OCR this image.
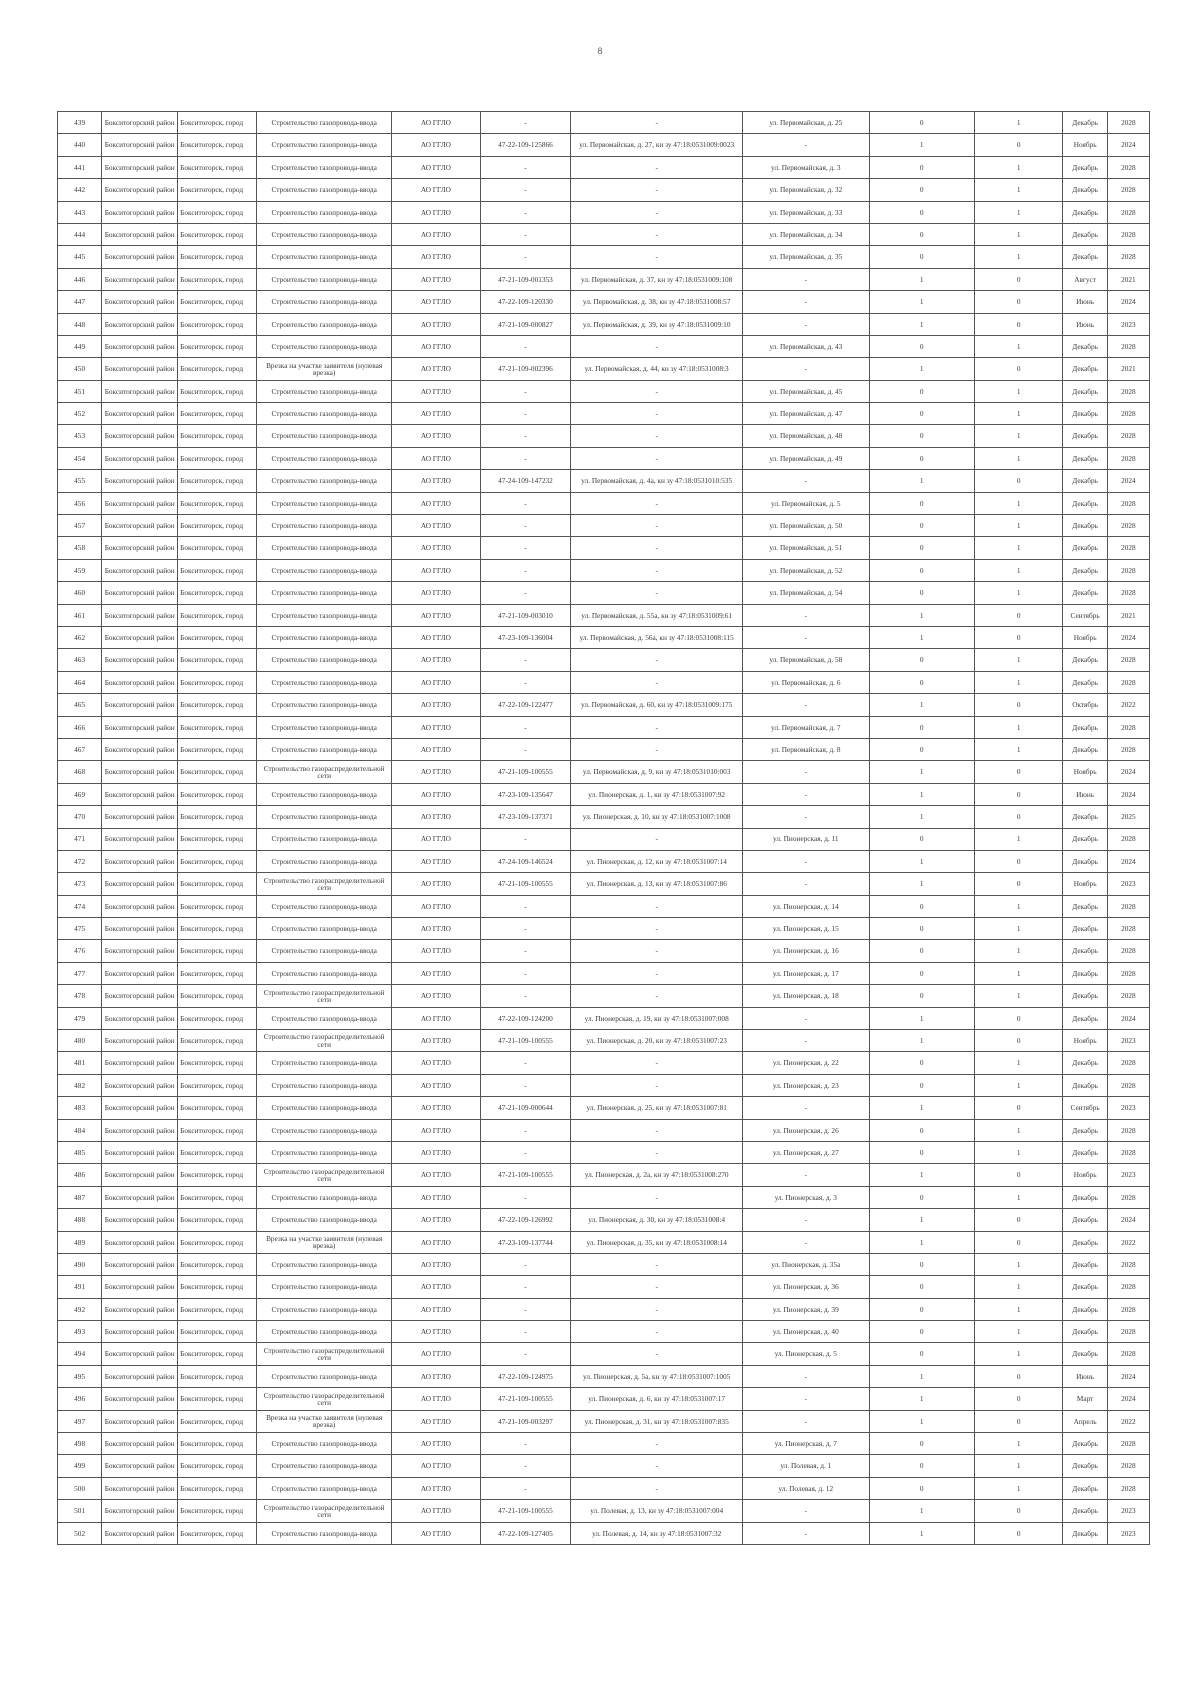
8
439	Бокситогорский район	Бокситогорск, город	Строительство газопровода-ввода	АО ГГЛО	-	-	ул. Первомайская, д. 25	0	1	Декабрь	2028
440	Бокситогорский район	Бокситогорск, город	Строительство газопровода-ввода	АО ГГЛО	47-22-109-125866	ул. Первомайская, д. 27, кн зу 47:18:0531009:0023	-	1	0	Ноябрь	2024
441	Бокситогорский район	Бокситогорск, город	Строительство газопровода-ввода	АО ГГЛО	-	-	ул. Первомайская, д. 3	0	1	Декабрь	2028
442	Бокситогорский район	Бокситогорск, город	Строительство газопровода-ввода	АО ГГЛО	-	-	ул. Первомайская, д. 32	0	1	Декабрь	2028
443	Бокситогорский район	Бокситогорск, город	Строительство газопровода-ввода	АО ГГЛО	-	-	ул. Первомайская, д. 33	0	1	Декабрь	2028
444	Бокситогорский район	Бокситогорск, город	Строительство газопровода-ввода	АО ГГЛО	-	-	ул. Первомайская, д. 34	0	1	Декабрь	2028
445	Бокситогорский район	Бокситогорск, город	Строительство газопровода-ввода	АО ГГЛО	-	-	ул. Первомайская, д. 35	0	1	Декабрь	2028
446	Бокситогорский район	Бокситогорск, город	Строительство газопровода-ввода	АО ГГЛО	47-21-109-001353	ул. Первомайская, д. 37, кн зу 47:18:0531009:108	-	1	0	Август	2021
447	Бокситогорский район	Бокситогорск, город	Строительство газопровода-ввода	АО ГГЛО	47-22-109-120330	ул. Первомайская, д. 38, кн зу 47:18:0531008:57	-	1	0	Июнь	2024
448	Бокситогорский район	Бокситогорск, город	Строительство газопровода-ввода	АО ГГЛО	47-21-109-000827	ул. Первомайская, д. 39, кн зу 47:18:0531009:10	-	1	0	Июнь	2023
449	Бокситогорский район	Бокситогорск, город	Строительство газопровода-ввода	АО ГГЛО	-	-	ул. Первомайская, д. 43	0	1	Декабрь	2028
450	Бокситогорский район	Бокситогорск, город	Врезка на участке заявителя (нулевая врезка)	АО ГГЛО	47-21-109-002396	ул. Первомайская, д. 44, кн зу 47:18:0531008:3	-	1	0	Декабрь	2021
451	Бокситогорский район	Бокситогорск, город	Строительство газопровода-ввода	АО ГГЛО	-	-	ул. Первомайская, д. 45	0	1	Декабрь	2028
452	Бокситогорский район	Бокситогорск, город	Строительство газопровода-ввода	АО ГГЛО	-	-	ул. Первомайская, д. 47	0	1	Декабрь	2028
453	Бокситогорский район	Бокситогорск, город	Строительство газопровода-ввода	АО ГГЛО	-	-	ул. Первомайская, д. 48	0	1	Декабрь	2028
454	Бокситогорский район	Бокситогорск, город	Строительство газопровода-ввода	АО ГГЛО	-	-	ул. Первомайская, д. 49	0	1	Декабрь	2028
455	Бокситогорский район	Бокситогорск, город	Строительство газопровода-ввода	АО ГГЛО	47-24-109-147232	ул. Первомайская, д. 4а, кн зу 47:18:0531010:535	-	1	0	Декабрь	2024
456	Бокситогорский район	Бокситогорск, город	Строительство газопровода-ввода	АО ГГЛО	-	-	ул. Первомайская, д. 5	0	1	Декабрь	2028
457	Бокситогорский район	Бокситогорск, город	Строительство газопровода-ввода	АО ГГЛО	-	-	ул. Первомайская, д. 50	0	1	Декабрь	2028
458	Бокситогорский район	Бокситогорск, город	Строительство газопровода-ввода	АО ГГЛО	-	-	ул. Первомайская, д. 51	0	1	Декабрь	2028
459	Бокситогорский район	Бокситогорск, город	Строительство газопровода-ввода	АО ГГЛО	-	-	ул. Первомайская, д. 52	0	1	Декабрь	2028
460	Бокситогорский район	Бокситогорск, город	Строительство газопровода-ввода	АО ГГЛО	-	-	ул. Первомайская, д. 54	0	1	Декабрь	2028
461	Бокситогорский район	Бокситогорск, город	Строительство газопровода-ввода	АО ГГЛО	47-21-109-003010	ул. Первомайская, д. 55а, кн зу 47:18:0531009:61	-	1	0	Сентябрь	2021
462	Бокситогорский район	Бокситогорск, город	Строительство газопровода-ввода	АО ГГЛО	47-23-109-136004	ул. Первомайская, д. 56а, кн зу 47:18:0531008:115	-	1	0	Ноябрь	2024
463	Бокситогорский район	Бокситогорск, город	Строительство газопровода-ввода	АО ГГЛО	-	-	ул. Первомайская, д. 58	0	1	Декабрь	2028
464	Бокситогорский район	Бокситогорск, город	Строительство газопровода-ввода	АО ГГЛО	-	-	ул. Первомайская, д. 6	0	1	Декабрь	2028
465	Бокситогорский район	Бокситогорск, город	Строительство газопровода-ввода	АО ГГЛО	47-22-109-122477	ул. Первомайская, д. 60, кн зу 47:18:0531009:175	-	1	0	Октябрь	2022
466	Бокситогорский район	Бокситогорск, город	Строительство газопровода-ввода	АО ГГЛО	-	-	ул. Первомайская, д. 7	0	1	Декабрь	2028
467	Бокситогорский район	Бокситогорск, город	Строительство газопровода-ввода	АО ГГЛО	-	-	ул. Первомайская, д. 8	0	1	Декабрь	2028
468	Бокситогорский район	Бокситогорск, город	Строительство газораспределительной сети	АО ГГЛО	47-21-109-100555	ул. Первомайская, д. 9, кн зу 47:18:0531010:003	-	1	0	Ноябрь	2024
469	Бокситогорский район	Бокситогорск, город	Строительство газопровода-ввода	АО ГГЛО	47-23-109-135647	ул. Пионерская, д. 1, кн зу 47:18:0531007:92	-	1	0	Июнь	2024
470	Бокситогорский район	Бокситогорск, город	Строительство газопровода-ввода	АО ГГЛО	47-23-109-137371	ул. Пионерская, д. 10, кн зу 47:18:0531007:1008	-	1	0	Декабрь	2025
471	Бокситогорский район	Бокситогорск, город	Строительство газопровода-ввода	АО ГГЛО	-	-	ул. Пионерская, д. 11	0	1	Декабрь	2028
472	Бокситогорский район	Бокситогорск, город	Строительство газопровода-ввода	АО ГГЛО	47-24-109-146524	ул. Пионерская, д. 12, кн зу 47:18:0531007:14	-	1	0	Декабрь	2024
473	Бокситогорский район	Бокситогорск, город	Строительство газораспределительной сети	АО ГГЛО	47-21-109-100555	ул. Пионерская, д. 13, кн зу 47:18:0531007:86	-	1	0	Ноябрь	2023
474	Бокситогорский район	Бокситогорск, город	Строительство газопровода-ввода	АО ГГЛО	-	-	ул. Пионерская, д. 14	0	1	Декабрь	2028
475	Бокситогорский район	Бокситогорск, город	Строительство газопровода-ввода	АО ГГЛО	-	-	ул. Пионерская, д. 15	0	1	Декабрь	2028
476	Бокситогорский район	Бокситогорск, город	Строительство газопровода-ввода	АО ГГЛО	-	-	ул. Пионерская, д. 16	0	1	Декабрь	2028
477	Бокситогорский район	Бокситогорск, город	Строительство газопровода-ввода	АО ГГЛО	-	-	ул. Пионерская, д. 17	0	1	Декабрь	2028
478	Бокситогорский район	Бокситогорск, город	Строительство газораспределительной сети	АО ГГЛО	-	-	ул. Пионерская, д. 18	0	1	Декабрь	2028
479	Бокситогорский район	Бокситогорск, город	Строительство газопровода-ввода	АО ГГЛО	47-22-109-124200	ул. Пионерская, д. 19, кн зу 47:18:0531007:008	-	1	0	Декабрь	2024
480	Бокситогорский район	Бокситогорск, город	Строительство газораспределительной сети	АО ГГЛО	47-21-109-100555	ул. Пионерская, д. 20, кн зу 47:18:0531007:23	-	1	0	Ноябрь	2023
481	Бокситогорский район	Бокситогорск, город	Строительство газопровода-ввода	АО ГГЛО	-	-	ул. Пионерская, д. 22	0	1	Декабрь	2028
482	Бокситогорский район	Бокситогорск, город	Строительство газопровода-ввода	АО ГГЛО	-	-	ул. Пионерская, д. 23	0	1	Декабрь	2028
483	Бокситогорский район	Бокситогорск, город	Строительство газопровода-ввода	АО ГГЛО	47-21-109-000644	ул. Пионерская, д. 25, кн зу 47:18:0531007:81	-	1	0	Сентябрь	2023
484	Бокситогорский район	Бокситогорск, город	Строительство газопровода-ввода	АО ГГЛО	-	-	ул. Пионерская, д. 26	0	1	Декабрь	2028
485	Бокситогорский район	Бокситогорск, город	Строительство газопровода-ввода	АО ГГЛО	-	-	ул. Пионерская, д. 27	0	1	Декабрь	2028
486	Бокситогорский район	Бокситогорск, город	Строительство газораспределительной сети	АО ГГЛО	47-21-109-100555	ул. Пионерская, д. 2а, кн зу 47:18:0531008:270	-	1	0	Ноябрь	2023
487	Бокситогорский район	Бокситогорск, город	Строительство газопровода-ввода	АО ГГЛО	-	-	ул. Пионерская, д. 3	0	1	Декабрь	2028
488	Бокситогорский район	Бокситогорск, город	Строительство газопровода-ввода	АО ГГЛО	47-22-109-126992	ул. Пионерская, д. 30, кн зу 47:18:0531008:4	-	1	0	Декабрь	2024
489	Бокситогорский район	Бокситогорск, город	Врезка на участке заявителя (нулевая врезка)	АО ГГЛО	47-23-109-137744	ул. Пионерская, д. 35, кн зу 47:18:0531008:14	-	1	0	Декабрь	2022
490	Бокситогорский район	Бокситогорск, город	Строительство газопровода-ввода	АО ГГЛО	-	-	ул. Пионерская, д. 35а	0	1	Декабрь	2028
491	Бокситогорский район	Бокситогорск, город	Строительство газопровода-ввода	АО ГГЛО	-	-	ул. Пионерская, д. 36	0	1	Декабрь	2028
492	Бокситогорский район	Бокситогорск, город	Строительство газопровода-ввода	АО ГГЛО	-	-	ул. Пионерская, д. 39	0	1	Декабрь	2028
493	Бокситогорский район	Бокситогорск, город	Строительство газопровода-ввода	АО ГГЛО	-	-	ул. Пионерская, д. 40	0	1	Декабрь	2028
494	Бокситогорский район	Бокситогорск, город	Строительство газораспределительной сети	АО ГГЛО	-	-	ул. Пионерская, д. 5	0	1	Декабрь	2028
495	Бокситогорский район	Бокситогорск, город	Строительство газопровода-ввода	АО ГГЛО	47-22-109-124975	ул. Пионерская, д. 5а, кн зу 47:18:0531007:1005	-	1	0	Июнь	2024
496	Бокситогорский район	Бокситогорск, город	Строительство газораспределительной сети	АО ГГЛО	47-21-109-100555	ул. Пионерская, д. 6, кн зу 47:18:0531007:17	-	1	0	Март	2024
497	Бокситогорский район	Бокситогорск, город	Врезка на участке заявителя (нулевая врезка)	АО ГГЛО	47-21-109-003297	ул. Пионерская, д. 31, кн зу 47:18:0531007:835	-	1	0	Апрель	2022
498	Бокситогорский район	Бокситогорск, город	Строительство газопровода-ввода	АО ГГЛО	-	-	ул. Пионерская, д. 7	0	1	Декабрь	2028
499	Бокситогорский район	Бокситогорск, город	Строительство газопровода-ввода	АО ГГЛО	-	-	ул. Полевая, д. 1	0	1	Декабрь	2028
500	Бокситогорский район	Бокситогорск, город	Строительство газопровода-ввода	АО ГГЛО	-	-	ул. Полевая, д. 12	0	1	Декабрь	2028
501	Бокситогорский район	Бокситогорск, город	Строительство газораспределительной сети	АО ГГЛО	47-21-109-100555	ул. Полевая, д. 13, кн зу 47:18:0531007:004	-	1	0	Декабрь	2023
502	Бокситогорский район	Бокситогорск, город	Строительство газопровода-ввода	АО ГГЛО	47-22-109-127405	ул. Полевая, д. 14, кн зу 47:18:0531007:32	-	1	0	Декабрь	2023
